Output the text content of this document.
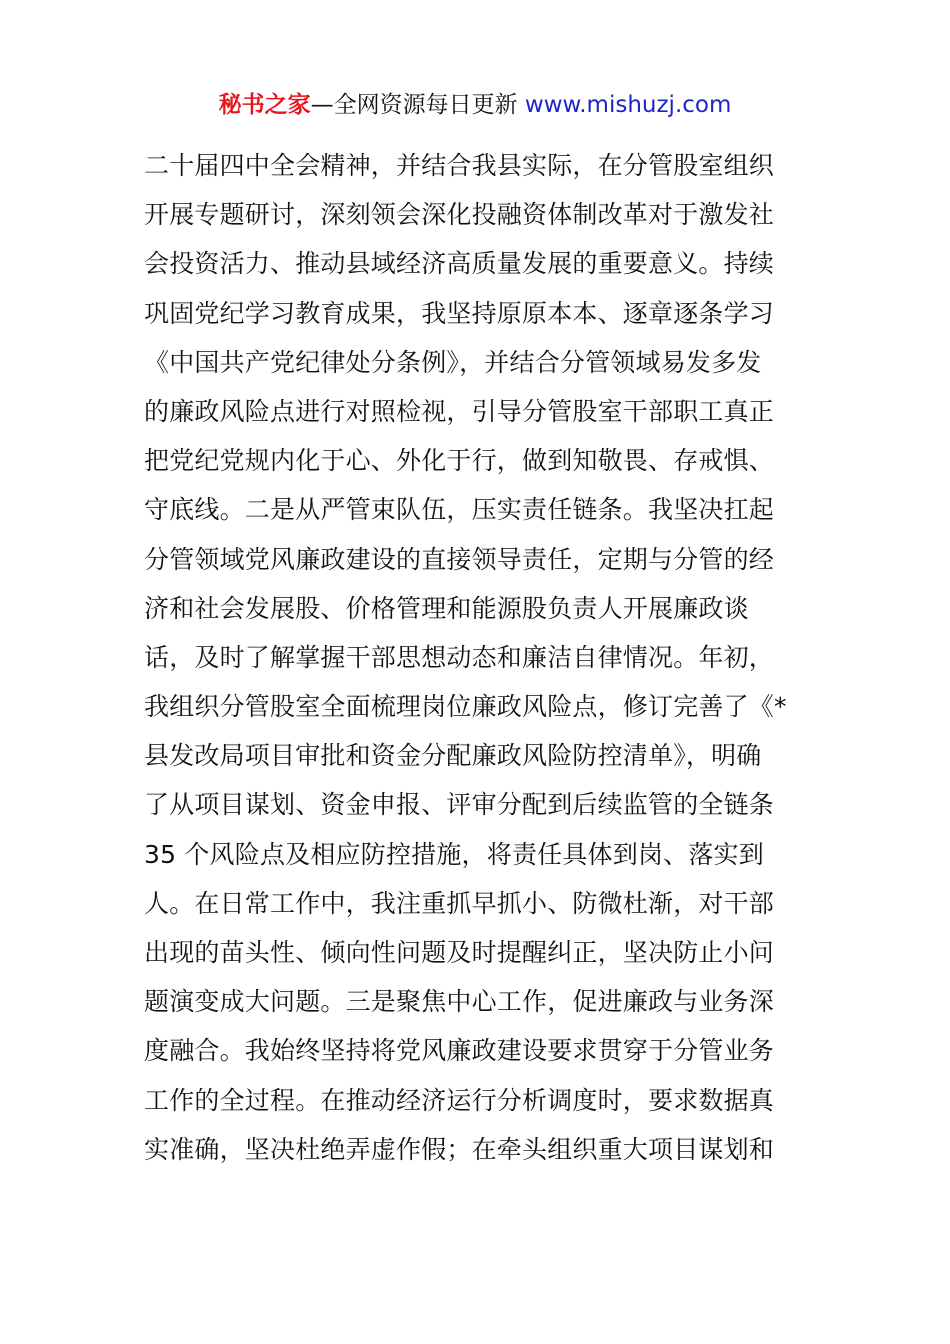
秘书之家—全网资源每日更新 www.mishuzj.com
二十届四中全会精神，并结合我县实际，在分管股室组织
开展专题研讨，深刻领会深化投融资体制改革对于激发社
会投资活力、推动县域经济高质量发展的重要意义。持续
巩固党纪学习教育成果，我坚持原原本本、逐章逐条学习
《中国共产党纪律处分条例》，并结合分管领域易发多发
的廉政风险点进行对照检视，引导分管股室干部职工真正
把党纪党规内化于心、外化于行，做到知敬畏、存戒惧、
守底线。二是从严管束队伍，压实责任链条。我坚决扛起
分管领域党风廉政建设的直接领导责任，定期与分管的经
济和社会发展股、价格管理和能源股负责人开展廉政谈
话，及时了解掌握干部思想动态和廉洁自律情况。年初，
我组织分管股室全面梳理岗位廉政风险点，修订完善了《*
县发改局项目审批和资金分配廉政风险防控清单》，明确
了从项目谋划、资金申报、评审分配到后续监管的全链条
35 个风险点及相应防控措施，将责任具体到岗、落实到
人。在日常工作中，我注重抓早抓小、防微杜渐，对干部
出现的苗头性、倾向性问题及时提醒纠正，坚决防止小问
题演变成大问题。三是聚焦中心工作，促进廉政与业务深
度融合。我始终坚持将党风廉政建设要求贯穿于分管业务
工作的全过程。在推动经济运行分析调度时，要求数据真
实准确，坚决杜绝弄虚作假；在牵头组织重大项目谋划和
